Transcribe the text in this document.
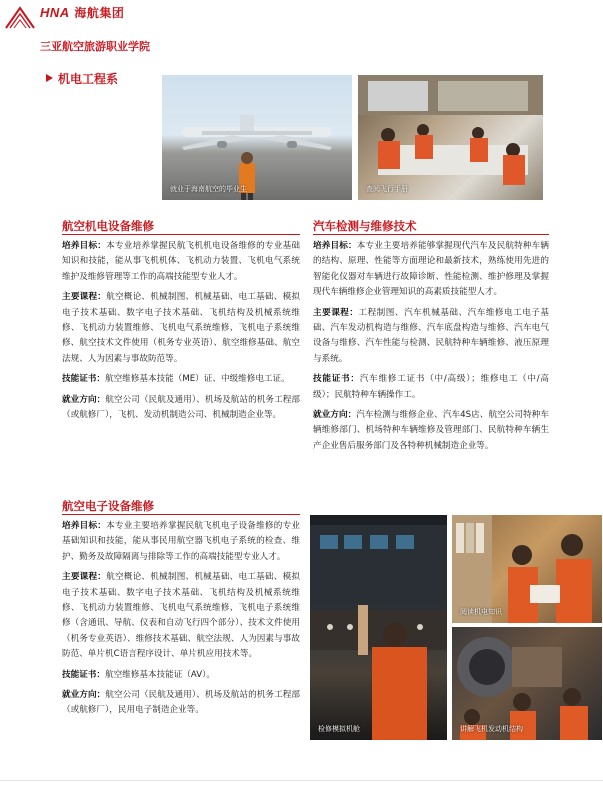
HNA 海航集团
三亚航空旅游职业学院
机电工程系
就业于海南航空的毕业生	查阅飞行手册
航空机电设备维修

培养目标：本专业培养掌握民航飞机机电设备维修的专业基础知识和技能，能从事飞机机体、飞机动力装置、飞机电气系统维护及维修管理等工作的高端技能型专业人才。

主要课程：航空概论、机械制图、机械基础、电工基础、模拟电子技术基础、数字电子技术基础、飞机结构及机械系统维修、飞机动力装置维修、飞机电气系统维修、飞机电子系统维修、航空技术文件使用（机务专业英语）、航空维修基础、航空法规、人为因素与事故防范等。

技能证书：航空维修基本技能（ME）证、中级维修电工证。

就业方向：航空公司（民航及通用）、机场及航站的机务工程部（或航修厂），飞机、发动机制造公司、机械制造企业等。

汽车检测与维修技术

培养目标：本专业主要培养能够掌握现代汽车及民航特种车辆的结构、原理、性能等方面理论和最新技术，熟练使用先进的智能化仪器对车辆进行故障诊断、性能检测、维护修理及掌握现代车辆维修企业管理知识的高素质技能型人才。

主要课程：工程制图、汽车机械基础、汽车维修电工电子基础、汽车发动机构造与维修、汽车底盘构造与维修、汽车电气设备与维修、汽车性能与检测、民航特种车辆维修、液压原理与系统。

技能证书：汽车维修工证书（中/高级）；维修电工（中/高级）；民航特种车辆操作工。

就业方向：汽车检测与维修企业、汽车4S店、航空公司特种车辆维修部门、机场特种车辆维修及管理部门、民航特种车辆生产企业售后服务部门及各特种机械制造企业等。

航空电子设备维修

培养目标：本专业主要培养掌握民航飞机电子设备维修的专业基础知识和技能，能从事民用航空器飞机电子系统的检查、维护、勤务及故障隔离与排除等工作的高端技能型专业人才。

主要课程：航空概论、机械制图、机械基础、电工基础、模拟电子技术基础、数字电子技术基础、飞机结构及机械系统维修、飞机动力装置维修、飞机电气系统维修、飞机电子系统维修（含通讯、导航、仪表和自动飞行四个部分）、技术文件使用（机务专业英语）、维修技术基础、航空法规、人为因素与事故防范、单片机C语言程序设计、单片机应用技术等。

技能证书：航空维修基本技能证（AV）。

就业方向：航空公司（民航及通用）、机场及航站的机务工程部（或航修厂），民用电子制造企业等。

检修模拟机舱
阅读机电知识
讲解飞机发动机结构
